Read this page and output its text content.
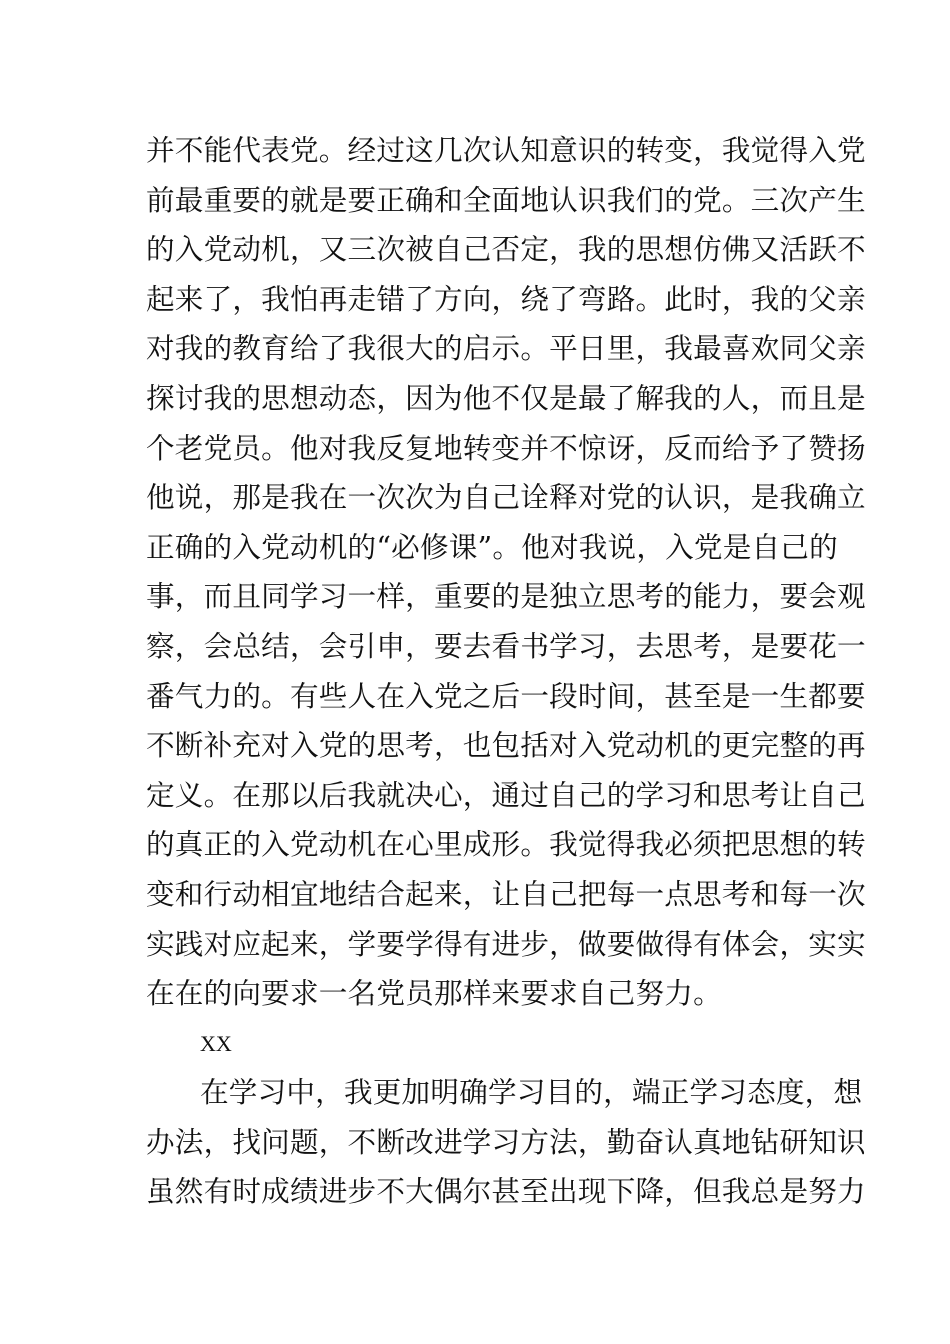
并不能代表党。经过这几次认知意识的转变，我觉得入党
前最重要的就是要正确和全面地认识我们的党。三次产生
的入党动机，又三次被自己否定，我的思想仿佛又活跃不
起来了，我怕再走错了方向，绕了弯路。此时，我的父亲
对我的教育给了我很大的启示。平日里，我最喜欢同父亲
探讨我的思想动态，因为他不仅是最了解我的人，而且是
个老党员。他对我反复地转变并不惊讶，反而给予了赞扬
他说，那是我在一次次为自己诠释对党的认识，是我确立
正确的入党动机的“必修课”。他对我说，入党是自己的
事，而且同学习一样，重要的是独立思考的能力，要会观
察，会总结，会引申，要去看书学习，去思考，是要花一
番气力的。有些人在入党之后一段时间，甚至是一生都要
不断补充对入党的思考，也包括对入党动机的更完整的再
定义。在那以后我就决心，通过自己的学习和思考让自己
的真正的入党动机在心里成形。我觉得我必须把思想的转
变和行动相宜地结合起来，让自己把每一点思考和每一次
实践对应起来，学要学得有进步，做要做得有体会，实实
在在的向要求一名党员那样来要求自己努力。
XX
在学习中，我更加明确学习目的，端正学习态度，想
办法，找问题，不断改进学习方法，勤奋认真地钻研知识
虽然有时成绩进步不大偶尔甚至出现下降，但我总是努力
